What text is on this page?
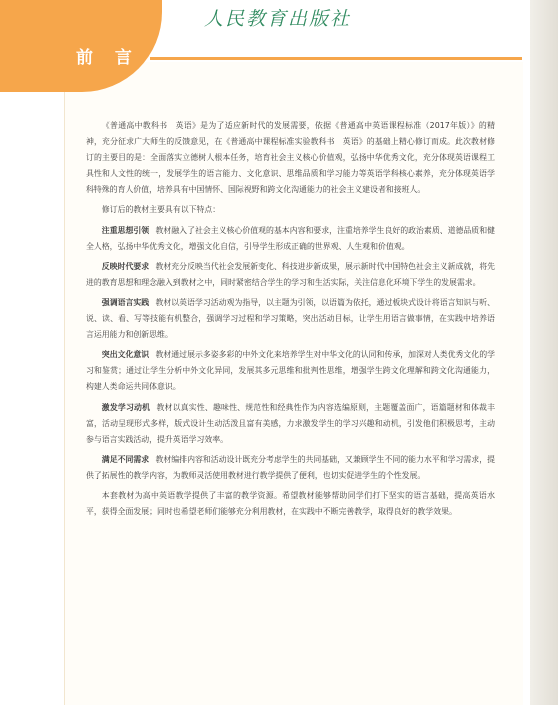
前 言
人民教育出版社

《普通高中教科书　英语》是为了适应新时代的发展需要，依据《普通高中英语课程标准（2017年版）》的精神，充分征求广大师生的反馈意见，在《普通高中课程标准实验教科书　英语》的基础上精心修订而成。此次教材修订的主要目的是：全面落实立德树人根本任务，培育社会主义核心价值观，弘扬中华优秀文化，充分体现英语课程工具性和人文性的统一，发展学生的语言能力、文化意识、思维品质和学习能力等英语学科核心素养，充分体现英语学科特殊的育人价值，培养具有中国情怀、国际视野和跨文化沟通能力的社会主义建设者和接班人。

修订后的教材主要具有以下特点：

注重思想引领 教材融入了社会主义核心价值观的基本内容和要求，注重培养学生良好的政治素质、道德品质和健全人格，弘扬中华优秀文化，增强文化自信，引导学生形成正确的世界观、人生观和价值观。

反映时代要求 教材充分反映当代社会发展新变化、科技进步新成果，展示新时代中国特色社会主义新成就，将先进的教育思想和理念融入到教材之中，同时紧密结合学生的学习和生活实际，关注信息化环境下学生的发展需求。

强调语言实践 教材以英语学习活动观为指导，以主题为引领，以语篇为依托，通过板块式设计将语言知识与听、说、读、看、写等技能有机整合，强调学习过程和学习策略，突出活动目标，让学生用语言做事情，在实践中培养语言运用能力和创新思维。

突出文化意识 教材通过展示多姿多彩的中外文化来培养学生对中华文化的认同和传承，加深对人类优秀文化的学习和鉴赏；通过让学生分析中外文化异同，发展其多元思维和批判性思维，增强学生跨文化理解和跨文化沟通能力，构建人类命运共同体意识。

激发学习动机 教材以真实性、趣味性、规范性和经典性作为内容选编原则，主题覆盖面广，语篇题材和体裁丰富，活动呈现形式多样，版式设计生动活泼且富有美感，力求激发学生的学习兴趣和动机，引发他们积极思考，主动参与语言实践活动，提升英语学习效率。

满足不同需求 教材编排内容和活动设计既充分考虑学生的共同基础，又兼顾学生不同的能力水平和学习需求，提供了拓展性的教学内容，为教师灵活使用教材进行教学提供了便利，也切实促进学生的个性发展。

本套教材为高中英语教学提供了丰富的教学资源。希望教材能够帮助同学们打下坚实的语言基础，提高英语水平，获得全面发展；同时也希望老师们能够充分利用教材，在实践中不断完善教学，取得良好的教学效果。
